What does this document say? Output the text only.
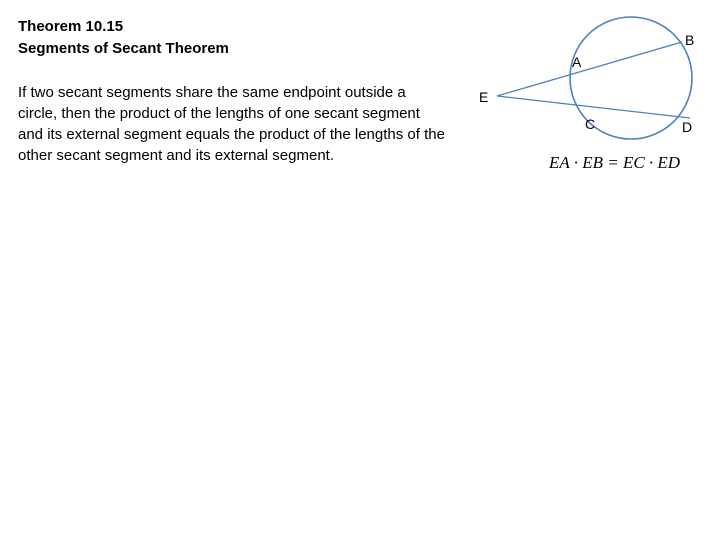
Theorem 10.15
Segments of Secant Theorem

If two secant segments share the same endpoint outside a circle, then the product of the lengths of one secant segment and its external segment equals the product of the lengths of the other secant segment and its external segment.

A
B
C	D
E
EA · EB = EC · ED
